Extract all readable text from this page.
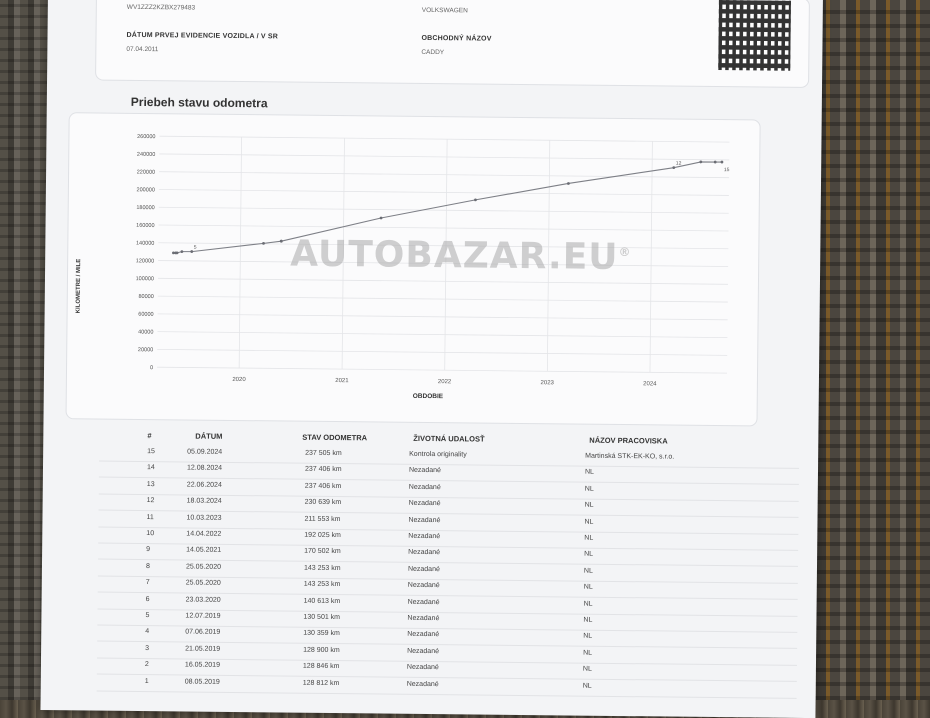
WV1ZZZ2KZBX279483	VOLKSWAGEN
DÁTUM PRVEJ EVIDENCIE VOZIDLA / V SR
07.04.2011
OBCHODNÝ NÁZOV
CADDY
Priebeh stavu odometra
0
20000
40000
60000
80000
100000
120000
140000
160000
180000
200000
220000
240000
260000
2020	2021	2022	2023	2024
5
12
15
KILOMETRE / MILE
OBDOBIE
AUTOBAZAR.EU®
#	DÁTUM	STAV ODOMETRA	ŽIVOTNÁ UDALOSŤ	NÁZOV PRACOVISKA
15	05.09.2024	237 505 km	Kontrola originality	Martinská STK-EK-KO, s.r.o.
14	12.08.2024	237 406 km	Nezadané	NL
13	22.06.2024	237 406 km	Nezadané	NL
12	18.03.2024	230 639 km	Nezadané	NL
11	10.03.2023	211 553 km	Nezadané	NL
10	14.04.2022	192 025 km	Nezadané	NL
9	14.05.2021	170 502 km	Nezadané	NL
8	25.05.2020	143 253 km	Nezadané	NL
7	25.05.2020	143 253 km	Nezadané	NL
6	23.03.2020	140 613 km	Nezadané	NL
5	12.07.2019	130 501 km	Nezadané	NL
4	07.06.2019	130 359 km	Nezadané	NL
3	21.05.2019	128 900 km	Nezadané	NL
2	16.05.2019	128 846 km	Nezadané	NL
1	08.05.2019	128 812 km	Nezadané	NL
